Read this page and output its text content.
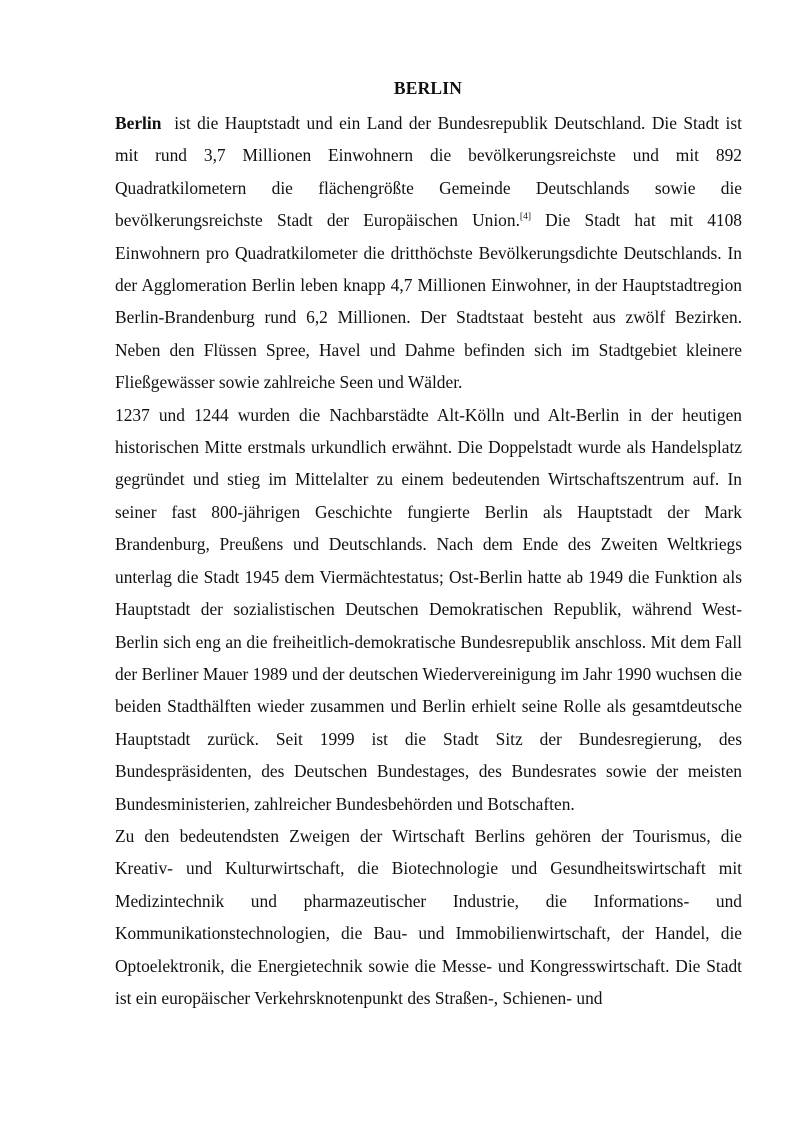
BERLIN

Berlin  ist die Hauptstadt und ein Land der Bundesrepublik Deutschland. Die Stadt ist mit rund 3,7 Millionen Einwohnern die bevölkerungsreichste und mit 892 Quadratkilometern die flächengrößte Gemeinde Deutschlands sowie die bevölkerungsreichste Stadt der Europäischen Union.[4] Die Stadt hat mit 4108 Einwohnern pro Quadratkilometer die dritthöchste Bevölkerungsdichte Deutschlands. In der Agglomeration Berlin leben knapp 4,7 Millionen Einwohner, in der Hauptstadtregion Berlin-Brandenburg rund 6,2 Millionen. Der Stadtstaat besteht aus zwölf Bezirken. Neben den Flüssen Spree, Havel und Dahme befinden sich im Stadtgebiet kleinere Fließgewässer sowie zahlreiche Seen und Wälder.

1237 und 1244 wurden die Nachbarstädte Alt-Kölln und Alt-Berlin in der heutigen historischen Mitte erstmals urkundlich erwähnt. Die Doppelstadt wurde als Handelsplatz gegründet und stieg im Mittelalter zu einem bedeutenden Wirtschaftszentrum auf. In seiner fast 800-jährigen Geschichte fungierte Berlin als Hauptstadt der Mark Brandenburg, Preußens und Deutschlands. Nach dem Ende des Zweiten Weltkriegs unterlag die Stadt 1945 dem Viermächtestatus; Ost-Berlin hatte ab 1949 die Funktion als Hauptstadt der sozialistischen Deutschen Demokratischen Republik, während West-Berlin sich eng an die freiheitlich-demokratische Bundesrepublik anschloss. Mit dem Fall der Berliner Mauer 1989 und der deutschen Wiedervereinigung im Jahr 1990 wuchsen die beiden Stadthälften wieder zusammen und Berlin erhielt seine Rolle als gesamtdeutsche Hauptstadt zurück. Seit 1999 ist die Stadt Sitz der Bundesregierung, des Bundespräsidenten, des Deutschen Bundestages, des Bundesrates sowie der meisten Bundesministerien, zahlreicher Bundesbehörden und Botschaften.

Zu den bedeutendsten Zweigen der Wirtschaft Berlins gehören der Tourismus, die Kreativ- und Kulturwirtschaft, die Biotechnologie und Gesundheitswirtschaft mit Medizintechnik und pharmazeutischer Industrie, die Informations- und Kommunikationstechnologien, die Bau- und Immobilienwirtschaft, der Handel, die Optoelektronik, die Energietechnik sowie die Messe- und Kongresswirtschaft. Die Stadt ist ein europäischer Verkehrsknotenpunkt des Straßen-, Schienen- und
